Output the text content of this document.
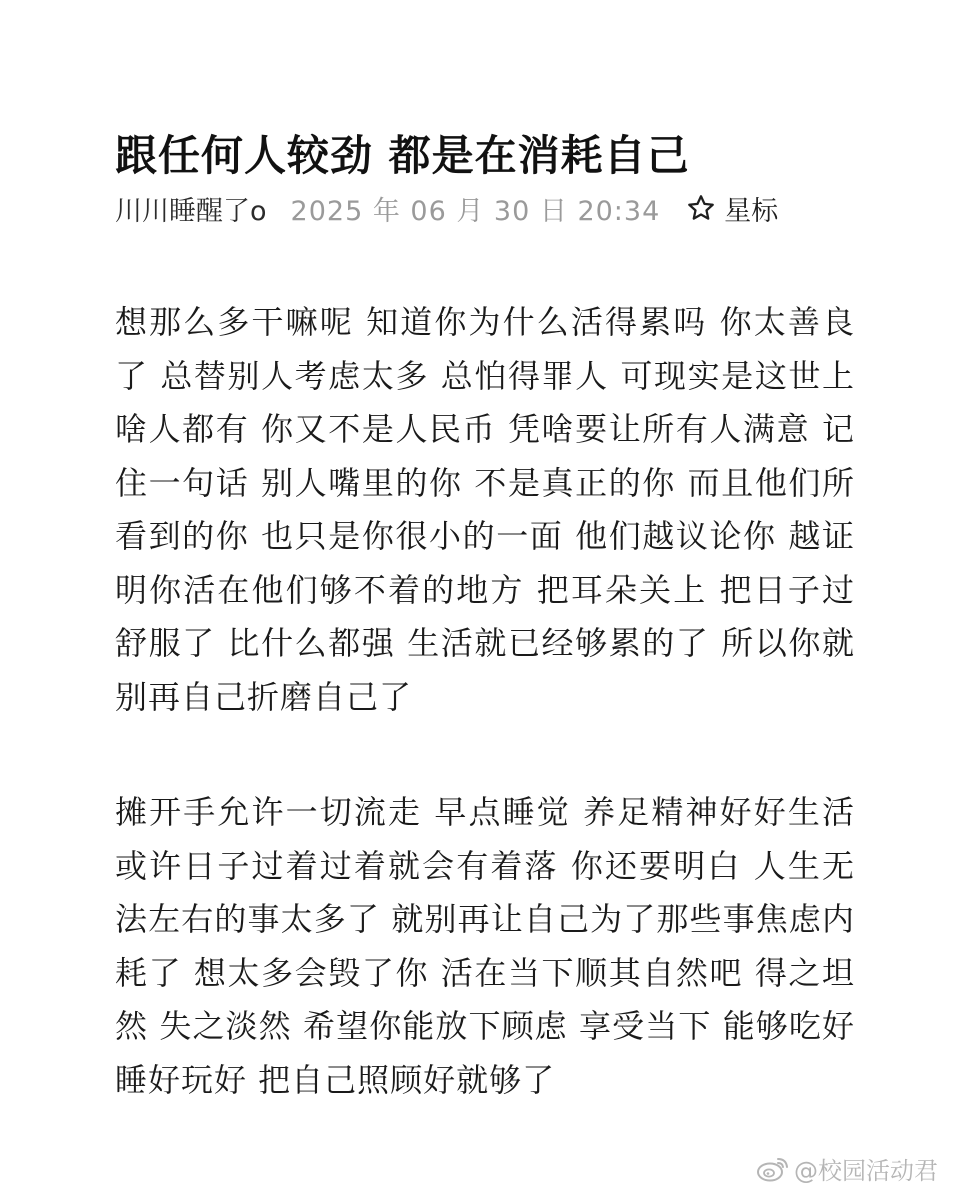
跟任何人较劲 都是在消耗自己
川川睡醒了o 2025 年 06 月 30 日 20:34 星标

想那么多干嘛呢 知道你为什么活得累吗 你太善良了 总替别人考虑太多 总怕得罪人 可现实是这世上啥人都有 你又不是人民币 凭啥要让所有人满意 记住一句话 别人嘴里的你 不是真正的你 而且他们所看到的你 也只是你很小的一面 他们越议论你 越证明你活在他们够不着的地方 把耳朵关上 把日子过舒服了 比什么都强 生活就已经够累的了 所以你就别再自己折磨自己了

摊开手允许一切流走 早点睡觉 养足精神好好生活 或许日子过着过着就会有着落 你还要明白 人生无法左右的事太多了 就别再让自己为了那些事焦虑内耗了 想太多会毁了你 活在当下顺其自然吧 得之坦然 失之淡然 希望你能放下顾虑 享受当下 能够吃好睡好玩好 把自己照顾好就够了

@校园活动君
